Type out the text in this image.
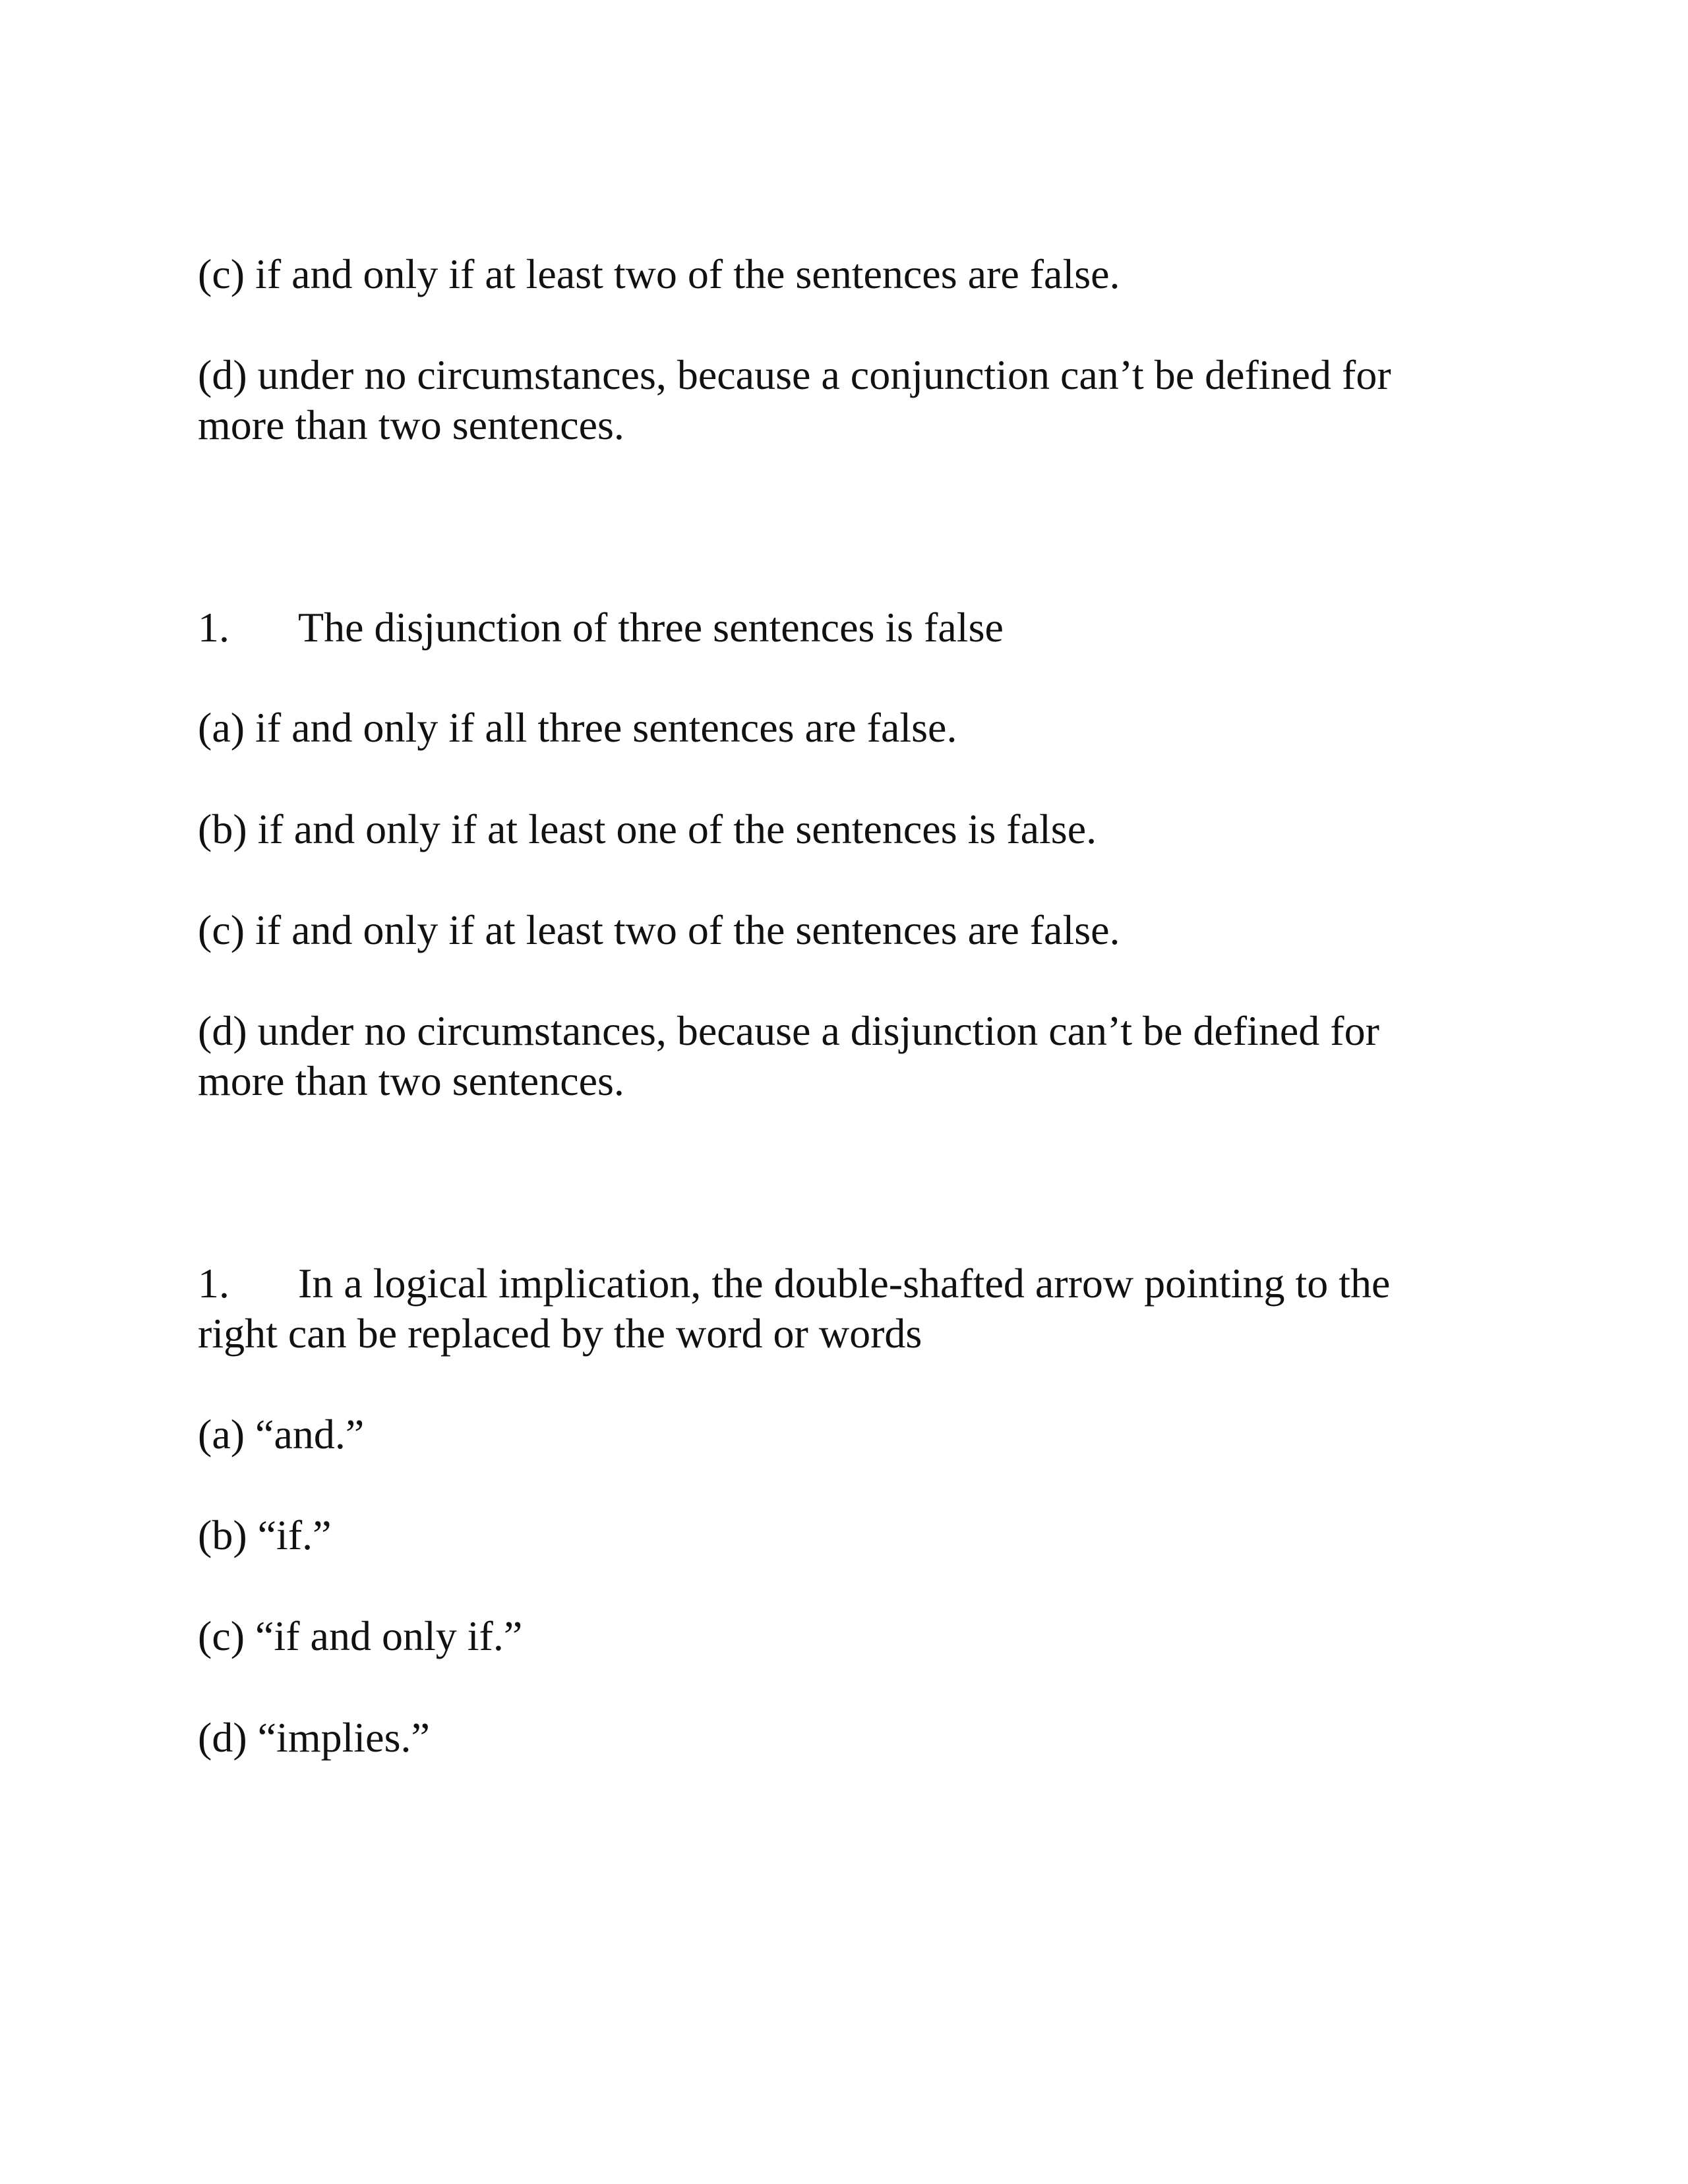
(c) if and only if at least two of the sentences are false.
(d) under no circumstances, because a conjunction can’t be defined for
more than two sentences.
1. The disjunction of three sentences is false
(a) if and only if all three sentences are false.
(b) if and only if at least one of the sentences is false.
(c) if and only if at least two of the sentences are false.
(d) under no circumstances, because a disjunction can’t be defined for
more than two sentences.
1. In a logical implication, the double-shafted arrow pointing to the
right can be replaced by the word or words
(a) “and.”
(b) “if.”
(c) “if and only if.”
(d) “implies.”
